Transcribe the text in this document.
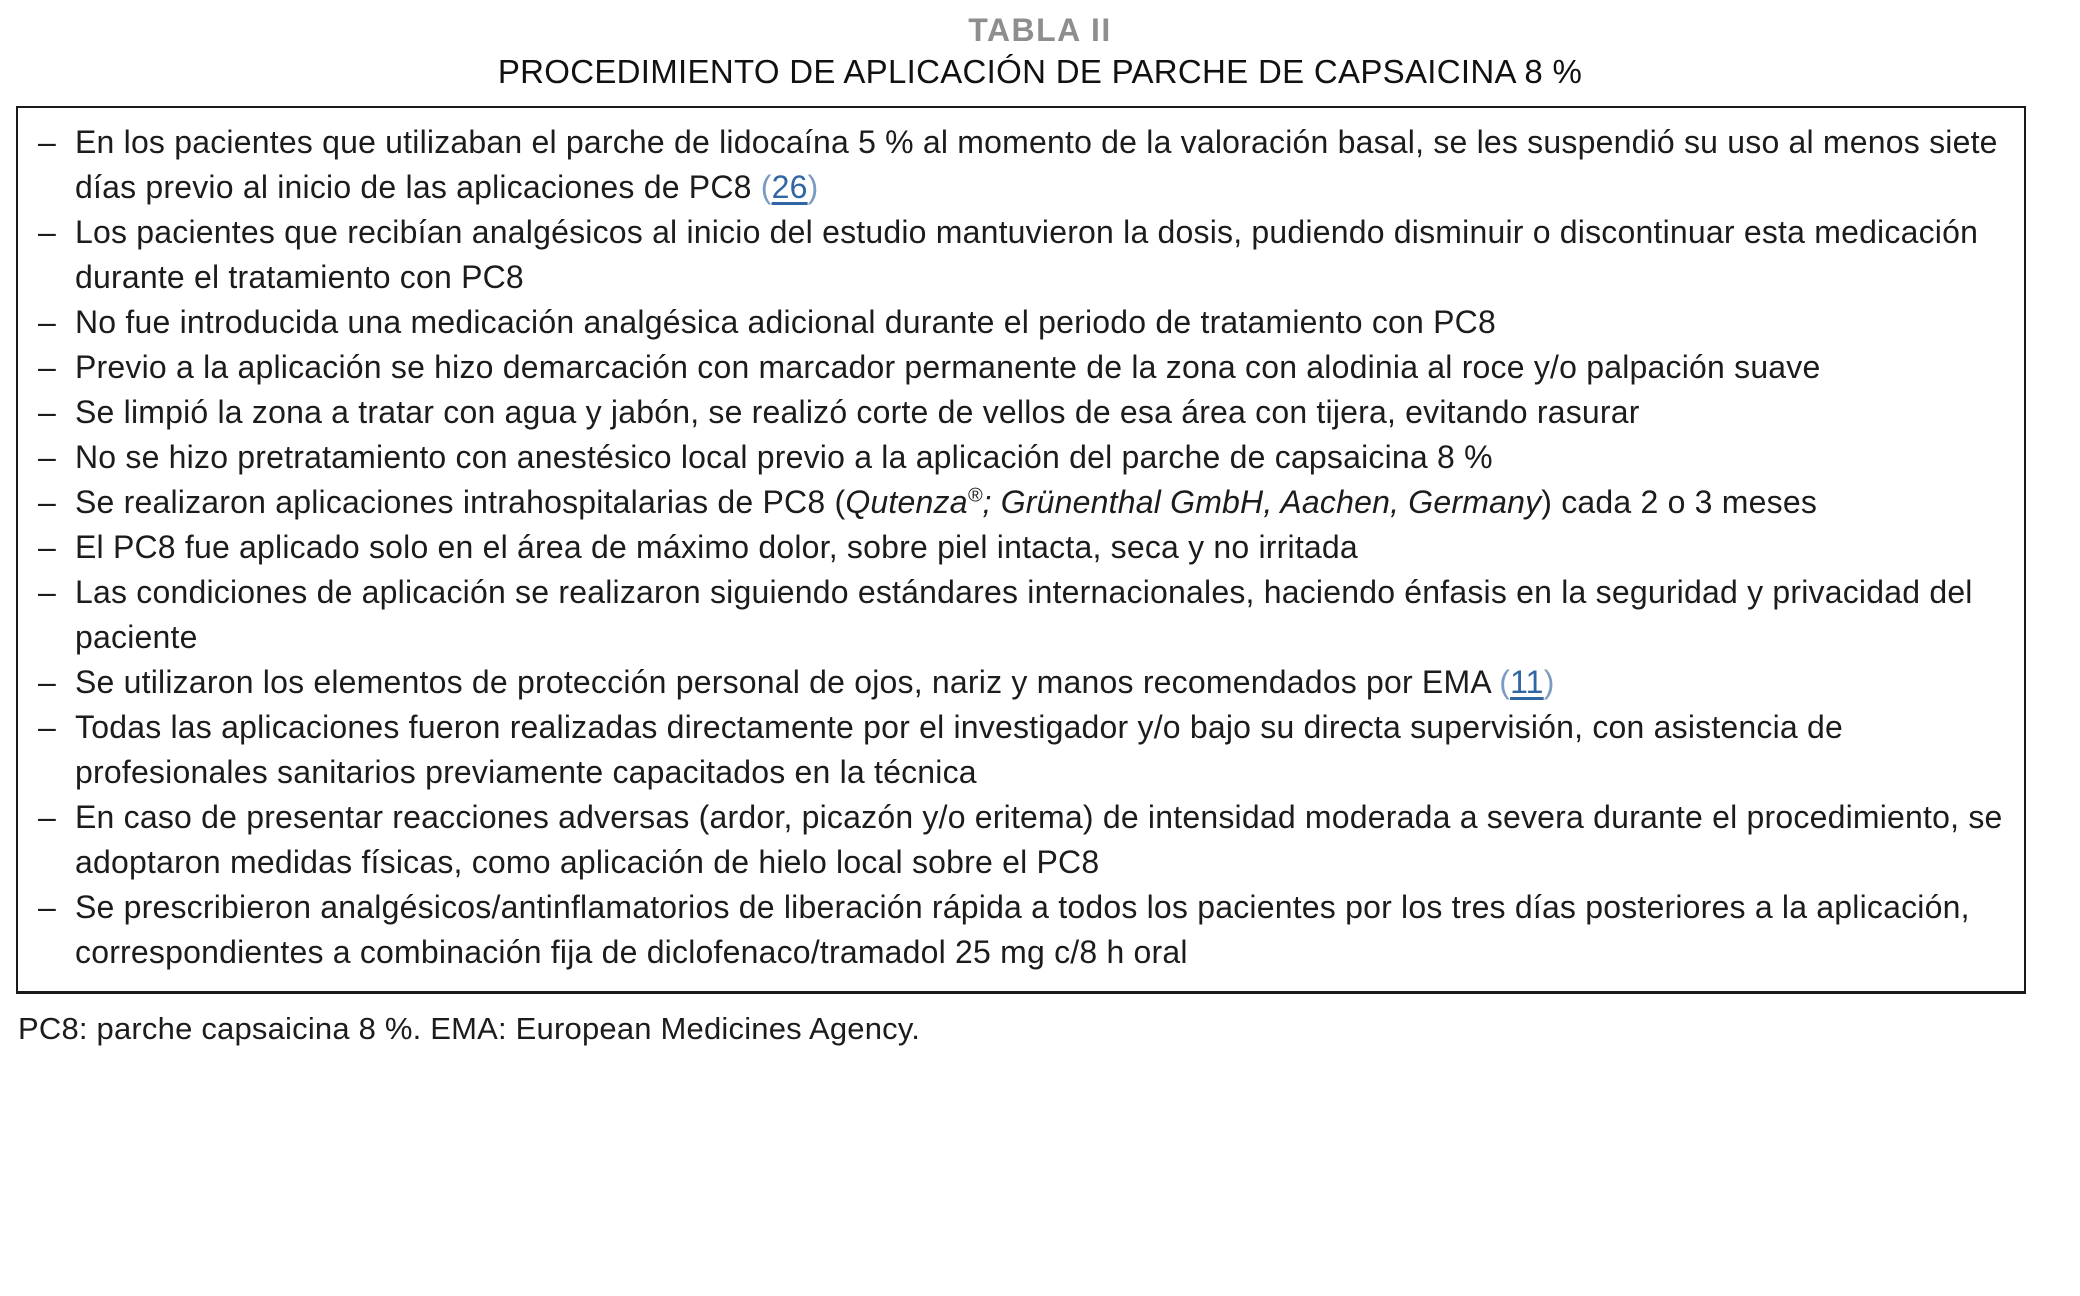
TABLA II
PROCEDIMIENTO DE APLICACIÓN DE PARCHE DE CAPSAICINA 8 %
– En los pacientes que utilizaban el parche de lidocaína 5 % al momento de la valoración basal, se les suspendió su uso al menos siete días previo al inicio de las aplicaciones de PC8 (26)
– Los pacientes que recibían analgésicos al inicio del estudio mantuvieron la dosis, pudiendo disminuir o discontinuar esta medicación durante el tratamiento con PC8
– No fue introducida una medicación analgésica adicional durante el periodo de tratamiento con PC8
– Previo a la aplicación se hizo demarcación con marcador permanente de la zona con alodinia al roce y/o palpación suave
– Se limpió la zona a tratar con agua y jabón, se realizó corte de vellos de esa área con tijera, evitando rasurar
– No se hizo pretratamiento con anestésico local previo a la aplicación del parche de capsaicina 8 %
– Se realizaron aplicaciones intrahospitalarias de PC8 (Qutenza®; Grünenthal GmbH, Aachen, Germany) cada 2 o 3 meses
– El PC8 fue aplicado solo en el área de máximo dolor, sobre piel intacta, seca y no irritada
– Las condiciones de aplicación se realizaron siguiendo estándares internacionales, haciendo énfasis en la seguridad y privacidad del paciente
– Se utilizaron los elementos de protección personal de ojos, nariz y manos recomendados por EMA (11)
– Todas las aplicaciones fueron realizadas directamente por el investigador y/o bajo su directa supervisión, con asistencia de profesionales sanitarios previamente capacitados en la técnica
– En caso de presentar reacciones adversas (ardor, picazón y/o eritema) de intensidad moderada a severa durante el procedimiento, se adoptaron medidas físicas, como aplicación de hielo local sobre el PC8
– Se prescribieron analgésicos/antinflamatorios de liberación rápida a todos los pacientes por los tres días posteriores a la aplicación, correspondientes a combinación fija de diclofenaco/tramadol 25 mg c/8 h oral
PC8: parche capsaicina 8 %. EMA: European Medicines Agency.
